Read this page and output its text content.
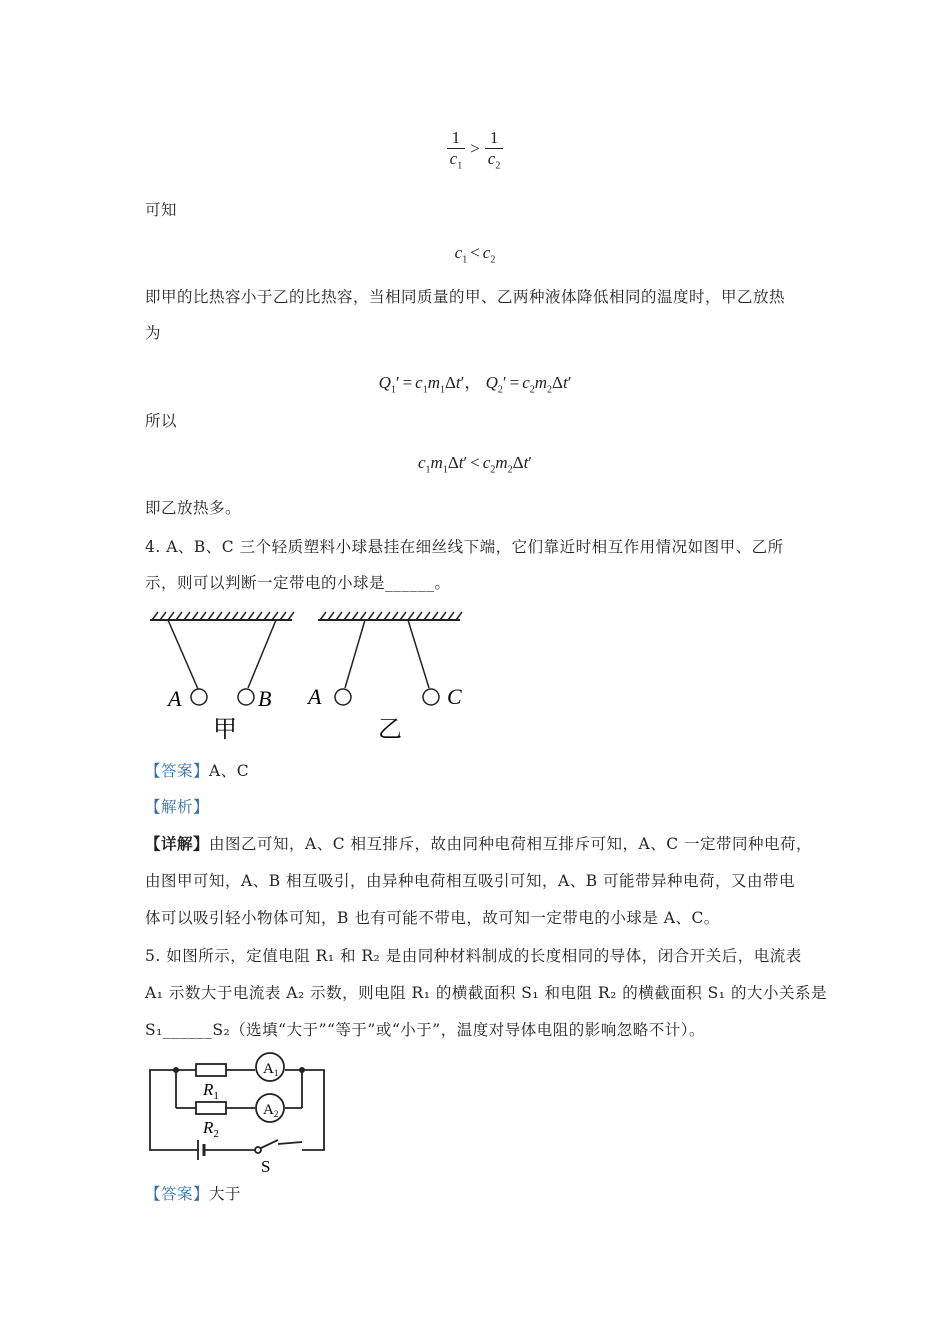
$\frac{1}{c_1} > \frac{1}{c_2}$
可知
$c_1 < c_2$
即甲的比热容小于乙的比热容，当相同质量的甲、乙两种液体降低相同的温度时，甲乙放热
为
$Q_1' = c_1m_1\Delta t'$， $Q_2' = c_2m_2\Delta t'$
所以
$c_1m_1\Delta t' < c_2m_2\Delta t'$
即乙放热多。
4. A、B、C 三个轻质塑料小球悬挂在细丝线下端，它们靠近时相互作用情况如图甲、乙所
示，则可以判断一定带电的小球是______。
A	B A	C
甲	乙
【答案】A、C
【解析】
【详解】由图乙可知，A、C 相互排斥，故由同种电荷相互排斥可知，A、C 一定带同种电荷，
由图甲可知，A、B 相互吸引，由异种电荷相互吸引可知，A、B 可能带异种电荷，又由带电
体可以吸引轻小物体可知，B 也有可能不带电，故可知一定带电的小球是 A、C。
5. 如图所示，定值电阻 R₁ 和 R₂ 是由同种材料制成的长度相同的导体，闭合开关后，电流表
A₁ 示数大于电流表 A₂ 示数，则电阻 R₁ 的横截面积 S₁ 和电阻 R₂ 的横截面积 S₁ 的大小关系是
S₁______S₂（选填“大于”“等于”或“小于”，温度对导体电阻的影响忽略不计）。
$R_1$
$R_2$
$A_1$
$A_2$
S
【答案】大于
